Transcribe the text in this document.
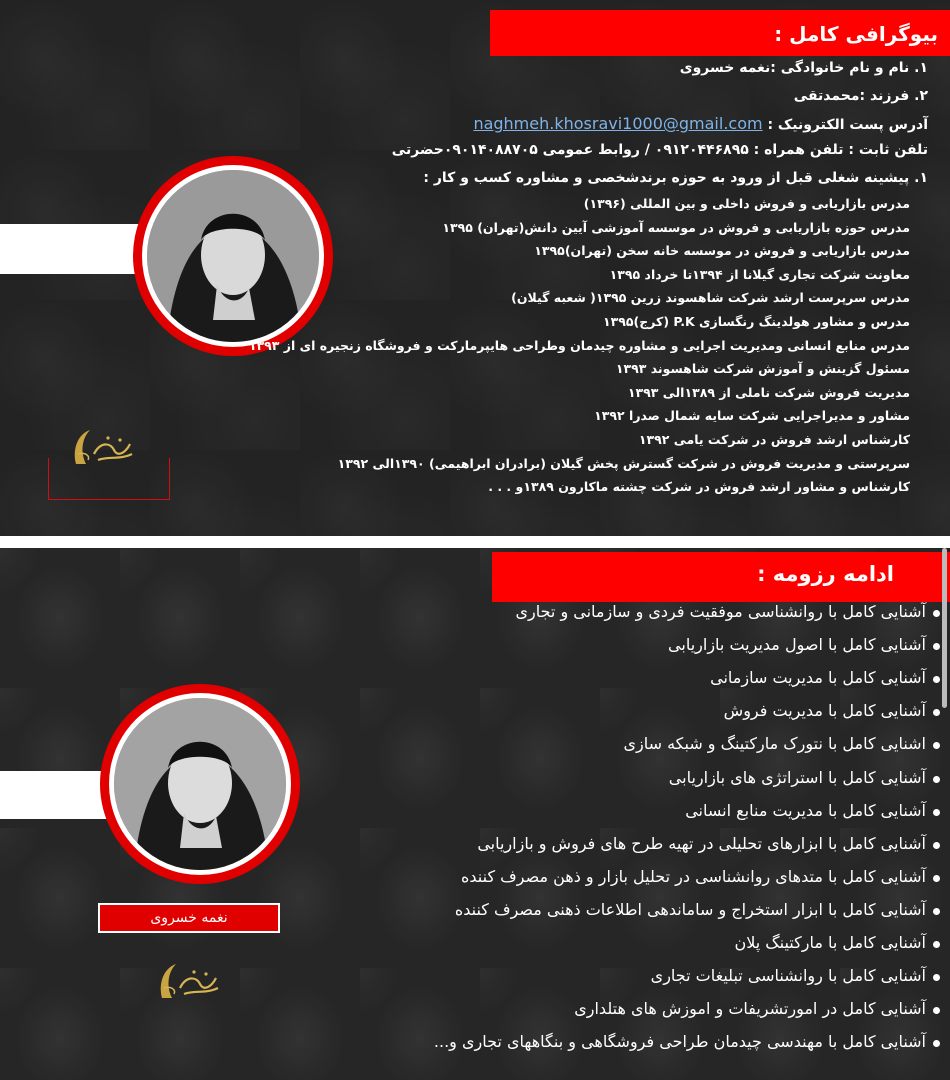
بیوگرافی کامل :
۱. نام و نام خانوادگی :نغمه خسروی
۲. فرزند :محمدتقی
آدرس پست الکترونیک : naghmeh.khosravi1000@gmail.com
تلفن ثابت : تلفن همراه : ۰۹۱۲۰۴۴۶۸۹۵ / روابط عمومی ۰۹۰۱۴۰۸۸۷۰۵حضرتی
۱. پیشینه شغلی قبل از ورود به حوزه برندشخصی و مشاوره کسب و کار :
مدرس بازاریابی و فروش داخلی و بین المللی (۱۳۹۶)
مدرس حوزه بازاریابی و فروش در موسسه آموزشی آیین دانش(تهران) ۱۳۹۵
مدرس بازاریابی و فروش در موسسه خانه سخن (تهران)۱۳۹۵
معاونت شرکت تجاری گیلانا از ۱۳۹۴تا خرداد ۱۳۹۵
مدرس سرپرست ارشد شرکت شاهسوند زرین ۱۳۹۵( شعبه گیلان)
مدرس و مشاور هولدینگ رنگسازی P.K (کرج)۱۳۹۵
مدرس منابع انسانی ومدیریت اجرایی و مشاوره چیدمان وطراحی هایپرمارکت و فروشگاه زنجیره ای از ۱۳۹۳
مسئول گزینش و آموزش شرکت شاهسوند ۱۳۹۳
مدیریت فروش شرکت ناملی از ۱۳۸۹الی ۱۳۹۳
مشاور و مدیراجرایی شرکت سایه شمال صدرا ۱۳۹۲
کارشناس ارشد فروش در شرکت یامی ۱۳۹۲
سرپرستی و مدیریت فروش در شرکت گسترش پخش گیلان (برادران ابراهیمی) ۱۳۹۰الی ۱۳۹۲
کارشناس و مشاور ارشد فروش در شرکت چشته ماکارون ۱۳۸۹و . . .
ادامه رزومه :
نغمه خسروی
آشنایی کامل با روانشناسی موفقیت فردی و سازمانی و تجاری
آشنایی کامل با اصول مدیریت بازاریابی
آشنایی کامل با مدیریت سازمانی
آشنایی کامل با مدیریت فروش
اشنایی کامل با نتورک مارکتینگ و شبکه سازی
آشنایی کامل با استراتژی های بازاریابی
آشنایی کامل با مدیریت منابع انسانی
آشنایی کامل با ابزارهای تحلیلی در تهیه طرح های فروش و بازاریابی
آشنایی کامل با متدهای روانشناسی در تحلیل بازار و ذهن مصرف کننده
آشنایی کامل با ابزار استخراج و ساماندهی اطلاعات ذهنی مصرف کننده
آشنایی کامل با مارکتینگ پلان
آشنایی کامل با روانشناسی تبلیغات تجاری
آشنایی کامل در امورتشریفات و اموزش های هتلداری
آشنایی کامل با مهندسی چیدمان طراحی فروشگاهی و بنگاههای تجاری و...
